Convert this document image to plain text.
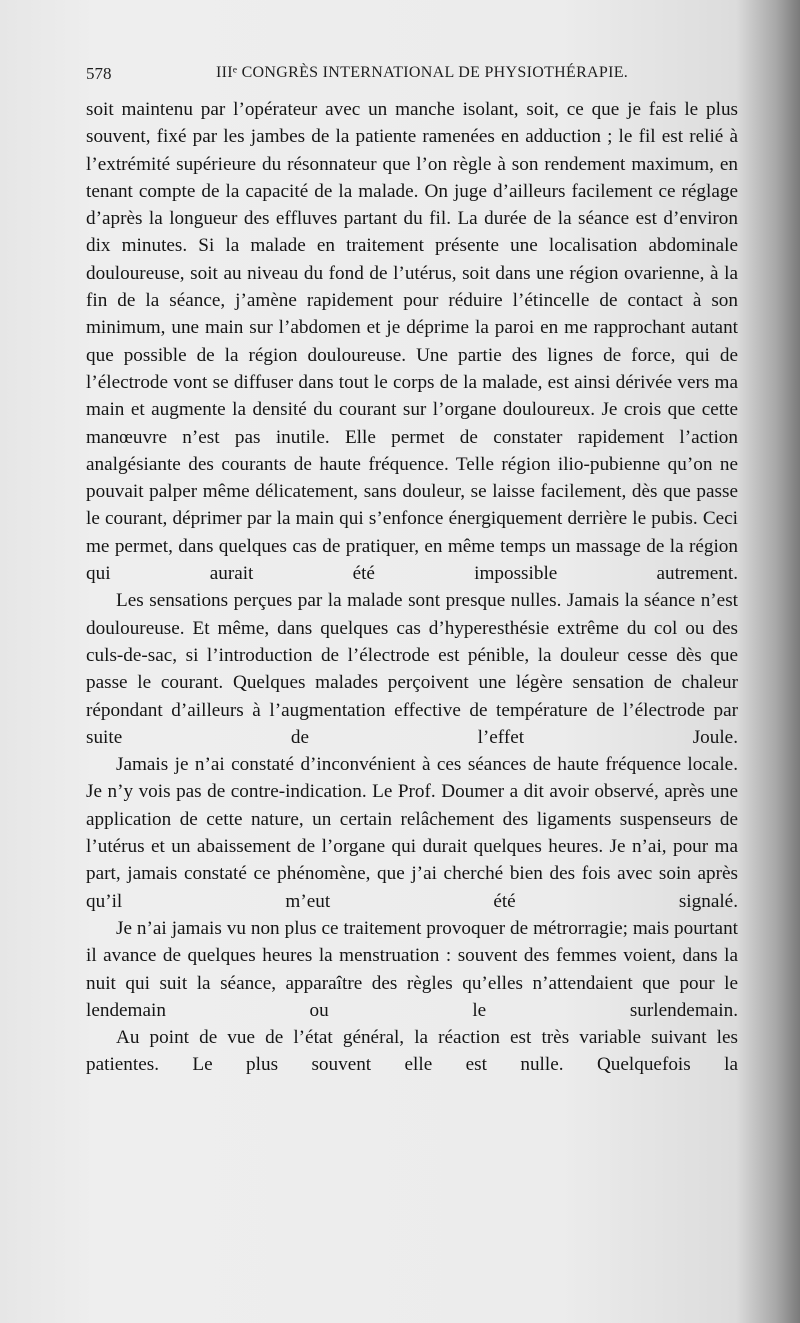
578	IIIᵉ CONGRÈS INTERNATIONAL DE PHYSIOTHÉRAPIE.

soit maintenu par l’opérateur avec un manche isolant, soit, ce que je fais le plus souvent, fixé par les jambes de la patiente ramenées en adduction ; le fil est relié à l’extrémité supérieure du résonnateur que l’on règle à son rendement maximum, en tenant compte de la capacité de la malade. On juge d’ailleurs facilement ce réglage d’après la longueur des effluves partant du fil. La durée de la séance est d’environ dix minutes. Si la malade en traitement présente une localisation abdominale douloureuse, soit au niveau du fond de l’utérus, soit dans une région ovarienne, à la fin de la séance, j’amène rapidement pour réduire l’étincelle de contact à son minimum, une main sur l’abdomen et je déprime la paroi en me rapprochant autant que possible de la région douloureuse. Une partie des lignes de force, qui de l’électrode vont se diffuser dans tout le corps de la malade, est ainsi dérivée vers ma main et augmente la densité du courant sur l’organe douloureux. Je crois que cette manœuvre n’est pas inutile. Elle permet de constater rapidement l’action analgésiante des courants de haute fréquence. Telle région ilio-pubienne qu’on ne pouvait palper même délicatement, sans douleur, se laisse facilement, dès que passe le courant, déprimer par la main qui s’enfonce énergiquement derrière le pubis. Ceci me permet, dans quelques cas de pratiquer, en même temps un massage de la région qui aurait été impossible autrement.

Les sensations perçues par la malade sont presque nulles. Jamais la séance n’est douloureuse. Et même, dans quelques cas d’hyperesthésie extrême du col ou des culs-de-sac, si l’introduction de l’électrode est pénible, la douleur cesse dès que passe le courant. Quelques malades perçoivent une légère sensation de chaleur répondant d’ailleurs à l’augmentation effective de température de l’électrode par suite de l’effet Joule.

Jamais je n’ai constaté d’inconvénient à ces séances de haute fréquence locale. Je n’y vois pas de contre-indication. Le Prof. Doumer a dit avoir observé, après une application de cette nature, un certain relâchement des ligaments suspenseurs de l’utérus et un abaissement de l’organe qui durait quelques heures. Je n’ai, pour ma part, jamais constaté ce phénomène, que j’ai cherché bien des fois avec soin après qu’il m’eut été signalé.

Je n’ai jamais vu non plus ce traitement provoquer de métrorragie; mais pourtant il avance de quelques heures la menstruation : souvent des femmes voient, dans la nuit qui suit la séance, apparaître des règles qu’elles n’attendaient que pour le lendemain ou le surlendemain.

Au point de vue de l’état général, la réaction est très variable suivant les patientes. Le plus souvent elle est nulle. Quelquefois la
